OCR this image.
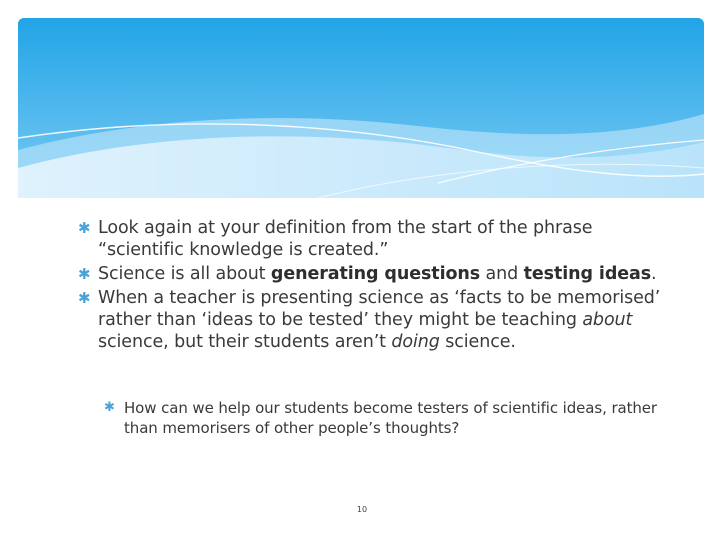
✱ Look again at your definition from the start of the phrase “scientific knowledge is created.”
✱ Science is all about generating questions and testing ideas.
✱ When a teacher is presenting science as ‘facts to be memorised’ rather than ‘ideas to be tested’ they might be teaching about science, but their students aren’t doing science.
✱ How can we help our students become testers of scientific ideas, rather than memorisers of other people’s thoughts?
10
